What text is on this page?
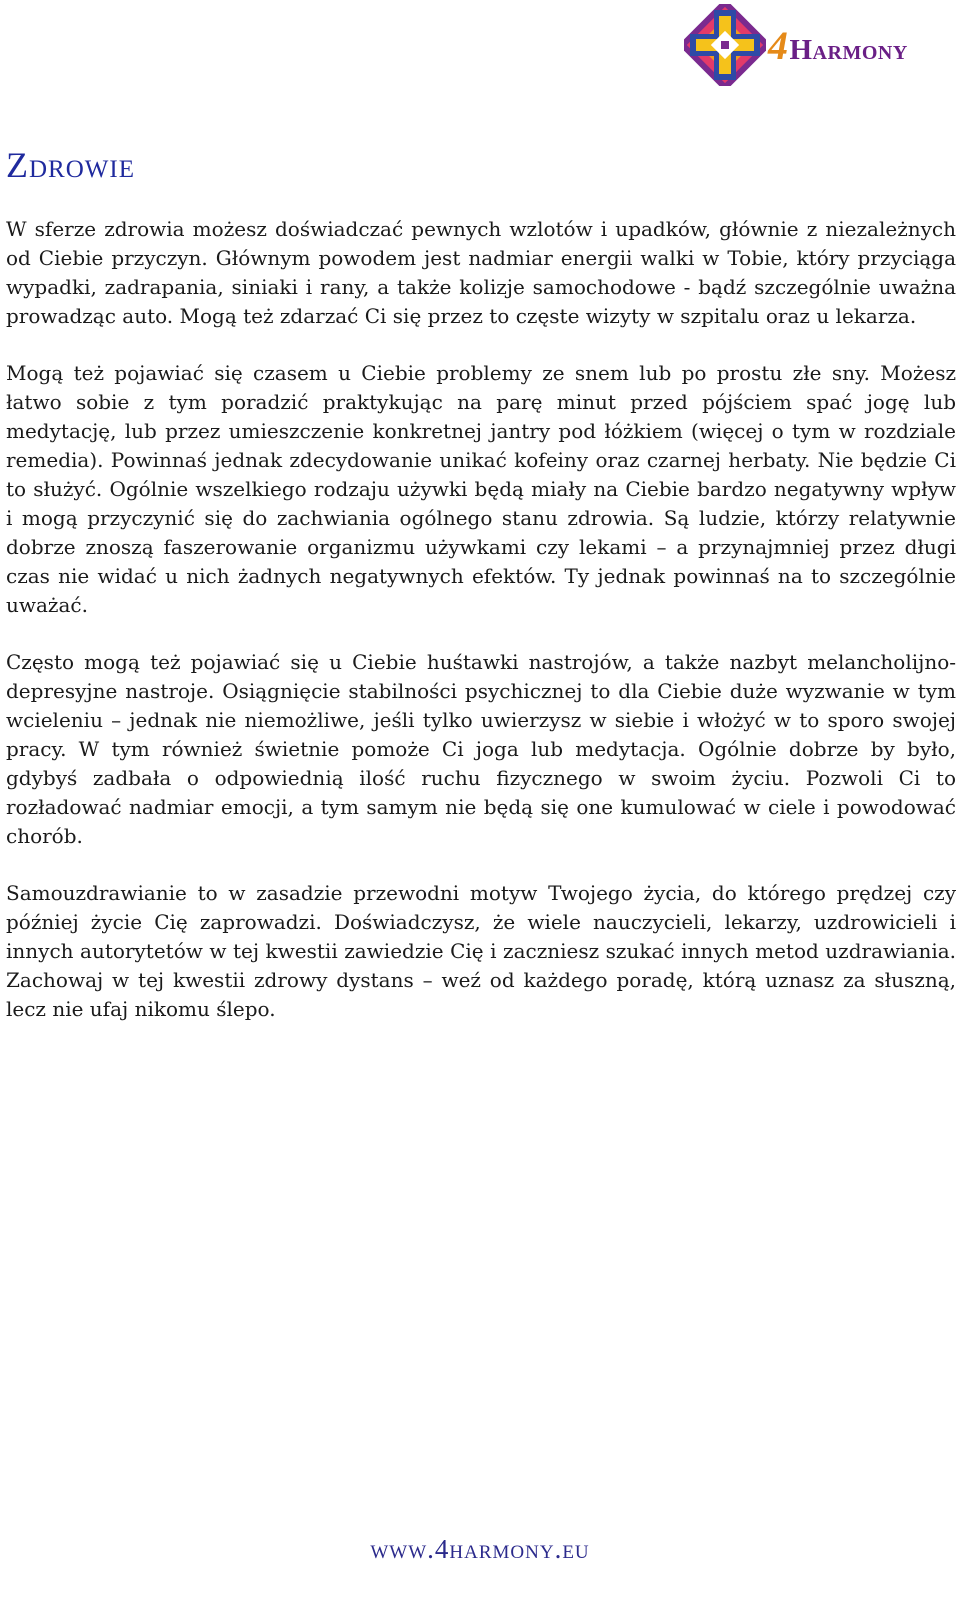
4 Harmony
Zdrowie

W sferze zdrowia możesz doświadczać pewnych wzlotów i upadków, głównie z niezależnych od Ciebie przyczyn. Głównym powodem jest nadmiar energii walki w Tobie, który przyciąga wypadki, zadrapania, siniaki i rany, a także kolizje samochodowe - bądź szczególnie uważna prowadząc auto. Mogą też zdarzać Ci się przez to częste wizyty w szpitalu oraz u lekarza.

Mogą też pojawiać się czasem u Ciebie problemy ze snem lub po prostu złe sny. Możesz łatwo sobie z tym poradzić praktykując na parę minut przed pójściem spać jogę lub medytację, lub przez umieszczenie konkretnej jantry pod łóżkiem (więcej o tym w rozdziale remedia). Powinnaś jednak zdecydowanie unikać kofeiny oraz czarnej herbaty. Nie będzie Ci to służyć. Ogólnie wszelkiego rodzaju używki będą miały na Ciebie bardzo negatywny wpływ i mogą przyczynić się do zachwiania ogólnego stanu zdrowia. Są ludzie, którzy relatywnie dobrze znoszą faszerowanie organizmu używkami czy lekami – a przynajmniej przez długi czas nie widać u nich żadnych negatywnych efektów. Ty jednak powinnaś na to szczególnie uważać.

Często mogą też pojawiać się u Ciebie huśtawki nastrojów, a także nazbyt melancholijno-depresyjne nastroje. Osiągnięcie stabilności psychicznej to dla Ciebie duże wyzwanie w tym wcieleniu – jednak nie niemożliwe, jeśli tylko uwierzysz w siebie i włożyć w to sporo swojej pracy. W tym również świetnie pomoże Ci joga lub medytacja. Ogólnie dobrze by było, gdybyś zadbała o odpowiednią ilość ruchu fizycznego w swoim życiu. Pozwoli Ci to rozładować nadmiar emocji, a tym samym nie będą się one kumulować w ciele i powodować chorób.

Samouzdrawianie to w zasadzie przewodni motyw Twojego życia, do którego prędzej czy później życie Cię zaprowadzi. Doświadczysz, że wiele nauczycieli, lekarzy, uzdrowicieli i innych autorytetów w tej kwestii zawiedzie Cię i zaczniesz szukać innych metod uzdrawiania. Zachowaj w tej kwestii zdrowy dystans – weź od każdego poradę, którą uznasz za słuszną, lecz nie ufaj nikomu ślepo.

www.4harmony.eu
